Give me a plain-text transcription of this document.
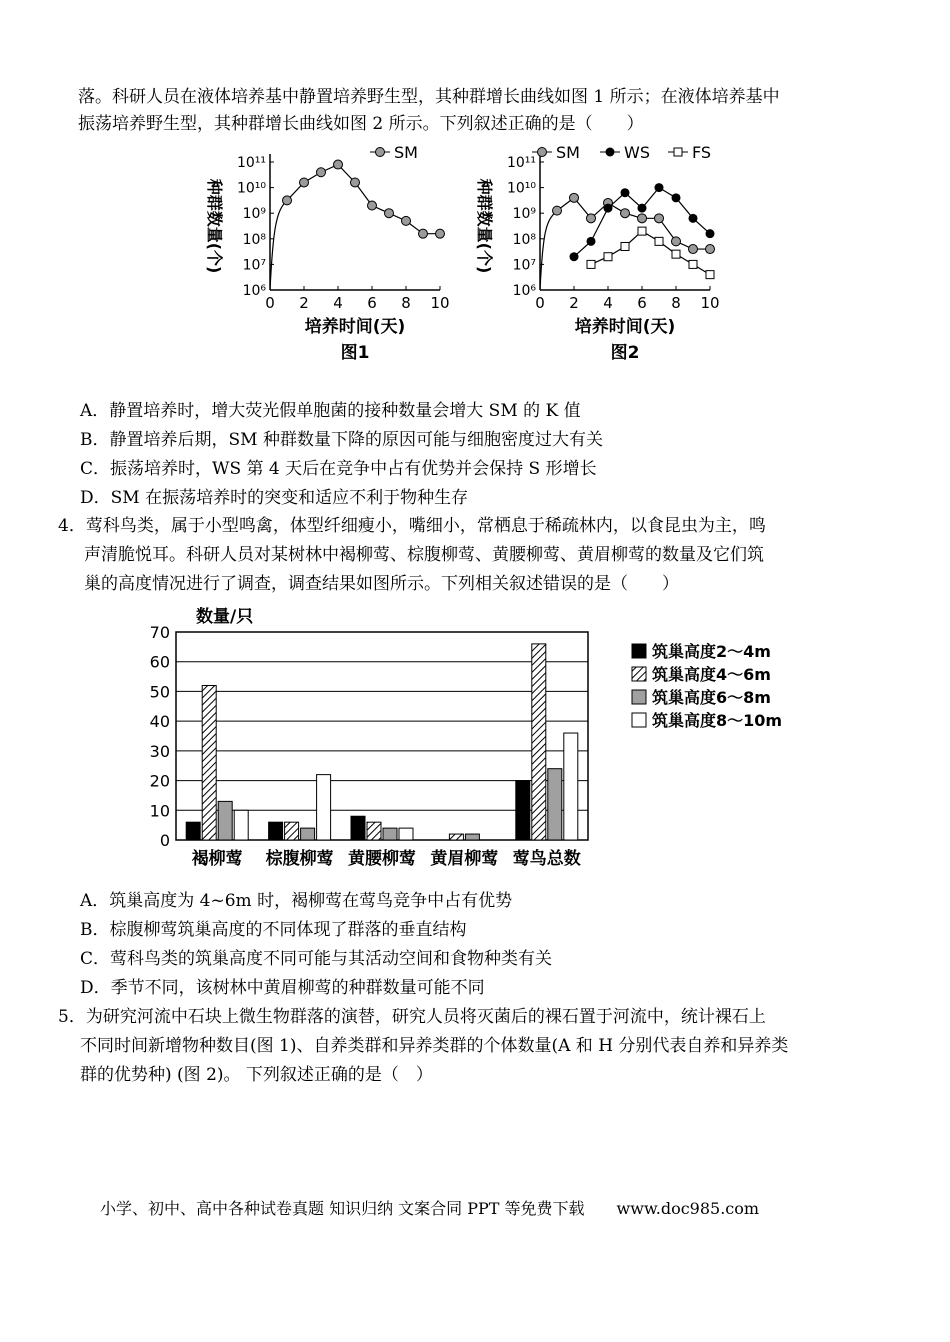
落。科研人员在液体培养基中静置培养野生型，其种群增长曲线如图 1 所示；在液体培养基中
振荡培养野生型，其种群增长曲线如图 2 所示。下列叙述正确的是（　　）
0 2 4 6 8 10
10⁶
10⁷
10⁸
10⁹
10¹⁰
10¹¹
培养时间(天)
种群数量(个)
图1
SM
0 2 4 6 8 10
10⁶
10⁷
10⁸
10⁹
10¹⁰
10¹¹
培养时间(天)
种群数量(个)
图2
SM	WS	FS
A．静置培养时，增大荧光假单胞菌的接种数量会增大 SM 的 K 值
B．静置培养后期，SM 种群数量下降的原因可能与细胞密度过大有关
C．振荡培养时，WS 第 4 天后在竞争中占有优势并会保持 S 形增长
D．SM 在振荡培养时的突变和适应不利于物种生存
4．莺科鸟类，属于小型鸣禽，体型纤细瘦小，嘴细小，常栖息于稀疏林内，以食昆虫为主，鸣
声清脆悦耳。科研人员对某树林中褐柳莺、棕腹柳莺、黄腰柳莺、黄眉柳莺的数量及它们筑
巢的高度情况进行了调查，调查结果如图所示。下列相关叙述错误的是（　　）
0
10
20
30
40
50
60
70
数量/只
褐柳莺 棕腹柳莺 黄腰柳莺 黄眉柳莺 莺鸟总数
筑巢高度2～4m
筑巢高度4～6m
筑巢高度6～8m
筑巢高度8～10m
A．筑巢高度为 4~6m 时，褐柳莺在莺鸟竞争中占有优势
B．棕腹柳莺筑巢高度的不同体现了群落的垂直结构
C．莺科鸟类的筑巢高度不同可能与其活动空间和食物种类有关
D．季节不同，该树林中黄眉柳莺的种群数量可能不同
5．为研究河流中石块上微生物群落的演替，研究人员将灭菌后的裸石置于河流中，统计裸石上
不同时间新增物种数目(图 1)、自养类群和异养类群的个体数量(A 和 H 分别代表自养和异养类
群的优势种) (图 2)。 下列叙述正确的是（　）
小学、初中、高中各种试卷真题 知识归纳 文案合同 PPT 等免费下载　　www.doc985.com
